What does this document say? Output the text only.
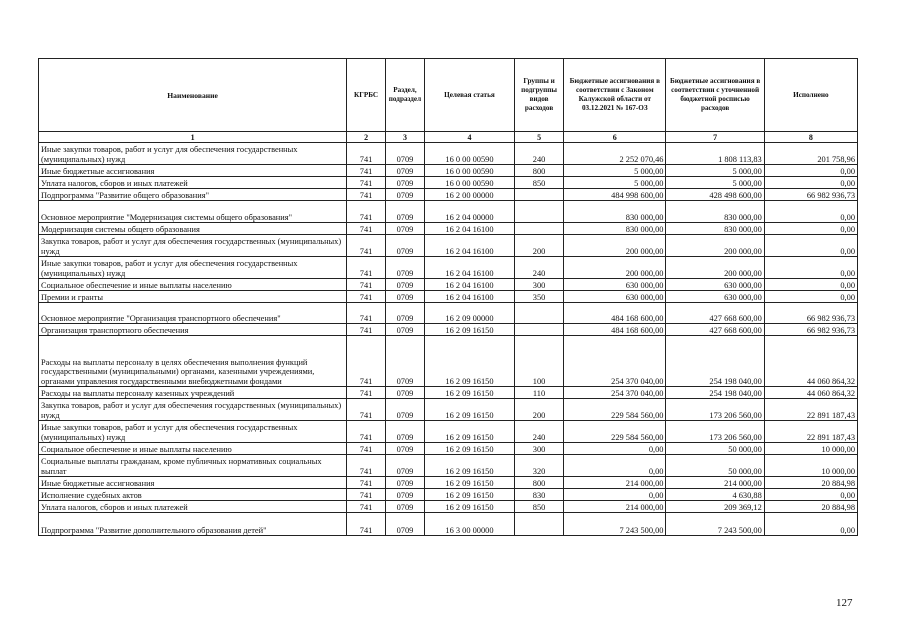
Наименование	КГРБС	Раздел, подраздел	Целевая статья	Группы и подгруппы видов расходов	Бюджетные ассигнования в соответствии с Законом Калужской области от 03.12.2021 № 167-ОЗ	Бюджетные ассигнования в соответствии с уточненной бюджетной росписью расходов	Исполнено
1	2	3	4	5	6	7	8
Иные закупки товаров, работ и услуг для обеспечения государственных (муниципальных) нужд	741	0709	16 0 00 00590	240	2 252 070,46	1 808 113,83	201 758,96
Иные бюджетные ассигнования	741	0709	16 0 00 00590	800	5 000,00	5 000,00	0,00
Уплата налогов, сборов и иных платежей	741	0709	16 0 00 00590	850	5 000,00	5 000,00	0,00
Подпрограмма "Развитие общего образования"	741	0709	16 2 00 00000		484 998 600,00	428 498 600,00	66 982 936,73
Основное мероприятие "Модернизация системы общего образования"	741	0709	16 2 04 00000		830 000,00	830 000,00	0,00
Модернизация системы общего образования	741	0709	16 2 04 16100		830 000,00	830 000,00	0,00
Закупка товаров, работ и услуг для обеспечения государственных (муниципальных) нужд	741	0709	16 2 04 16100	200	200 000,00	200 000,00	0,00
Иные закупки товаров, работ и услуг для обеспечения государственных (муниципальных) нужд	741	0709	16 2 04 16100	240	200 000,00	200 000,00	0,00
Социальное обеспечение и иные выплаты населению	741	0709	16 2 04 16100	300	630 000,00	630 000,00	0,00
Премии и гранты	741	0709	16 2 04 16100	350	630 000,00	630 000,00	0,00
Основное мероприятие "Организация транспортного обеспечения"	741	0709	16 2 09 00000		484 168 600,00	427 668 600,00	66 982 936,73
Организация транспортного обеспечения	741	0709	16 2 09 16150		484 168 600,00	427 668 600,00	66 982 936,73
Расходы на выплаты персоналу в целях обеспечения выполнения функций государственными (муниципальными) органами, казенными учреждениями, органами управления государственными внебюджетными фондами	741	0709	16 2 09 16150	100	254 370 040,00	254 198 040,00	44 060 864,32
Расходы на выплаты персоналу казенных учреждений	741	0709	16 2 09 16150	110	254 370 040,00	254 198 040,00	44 060 864,32
Закупка товаров, работ и услуг для обеспечения государственных (муниципальных) нужд	741	0709	16 2 09 16150	200	229 584 560,00	173 206 560,00	22 891 187,43
Иные закупки товаров, работ и услуг для обеспечения государственных (муниципальных) нужд	741	0709	16 2 09 16150	240	229 584 560,00	173 206 560,00	22 891 187,43
Социальное обеспечение и иные выплаты населению	741	0709	16 2 09 16150	300	0,00	50 000,00	10 000,00
Социальные выплаты гражданам, кроме публичных нормативных социальных выплат	741	0709	16 2 09 16150	320	0,00	50 000,00	10 000,00
Иные бюджетные ассигнования	741	0709	16 2 09 16150	800	214 000,00	214 000,00	20 884,98
Исполнение судебных актов	741	0709	16 2 09 16150	830	0,00	4 630,88	0,00
Уплата налогов, сборов и иных платежей	741	0709	16 2 09 16150	850	214 000,00	209 369,12	20 884,98
Подпрограмма "Развитие дополнительного образования детей"	741	0709	16 3 00 00000		7 243 500,00	7 243 500,00	0,00
127
